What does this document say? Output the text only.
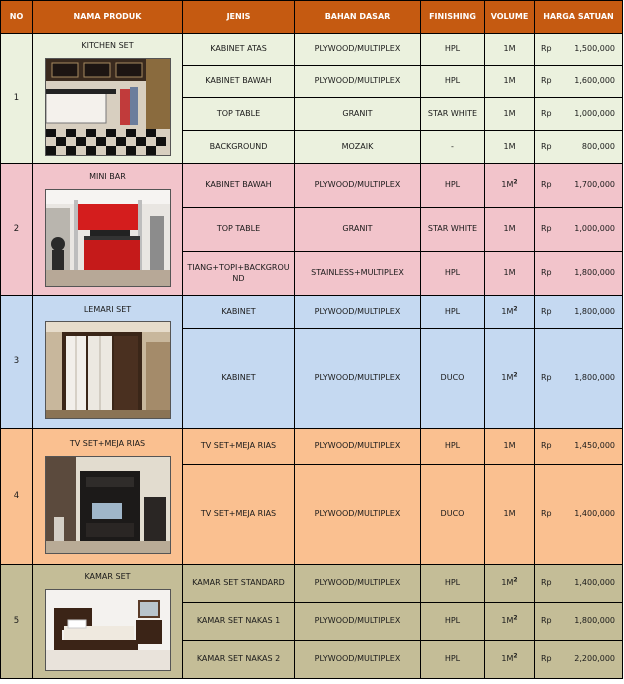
NO	NAMA PRODUK	JENIS	BAHAN DASAR	FINISHING	VOLUME	HARGA SATUAN
1	KITCHEN SET	KABINET ATAS	PLYWOOD/MULTIPLEX	HPL	1M	Rp 1,500,000

		KABINET BAWAH	PLYWOOD/MULTIPLEX	HPL	1M	Rp 1,600,000

		TOP TABLE	GRANIT	STAR WHITE	1M	Rp 1,000,000

		BACKGROUND	MOZAIK	-	1M	Rp 800,000

2	MINI BAR	KABINET BAWAH	PLYWOOD/MULTIPLEX	HPL	$1M^2$	Rp 1,700,000

		TOP TABLE	GRANIT	STAR WHITE	1M	Rp 1,000,000

		TIANG+TOPI+BACKGROUND	STAINLESS+MULTIPLEX	HPL	1M	Rp 1,800,000

3	LEMARI SET	KABINET	PLYWOOD/MULTIPLEX	HPL	$1M^2$	Rp 1,800,000

		KABINET	PLYWOOD/MULTIPLEX	DUCO	$1M^2$	Rp 1,800,000

4	TV SET+MEJA RIAS	TV SET+MEJA RIAS	PLYWOOD/MULTIPLEX	HPL	1M	Rp 1,450,000

		TV SET+MEJA RIAS	PLYWOOD/MULTIPLEX	DUCO	1M	Rp 1,400,000

5	KAMAR SET	KAMAR SET STANDARD	PLYWOOD/MULTIPLEX	HPL	$1M^2$	Rp 1,400,000

		KAMAR SET NAKAS 1	PLYWOOD/MULTIPLEX	HPL	$1M^2$	Rp 1,800,000

		KAMAR SET NAKAS 2	PLYWOOD/MULTIPLEX	HPL	$1M^2$	Rp 2,200,000
